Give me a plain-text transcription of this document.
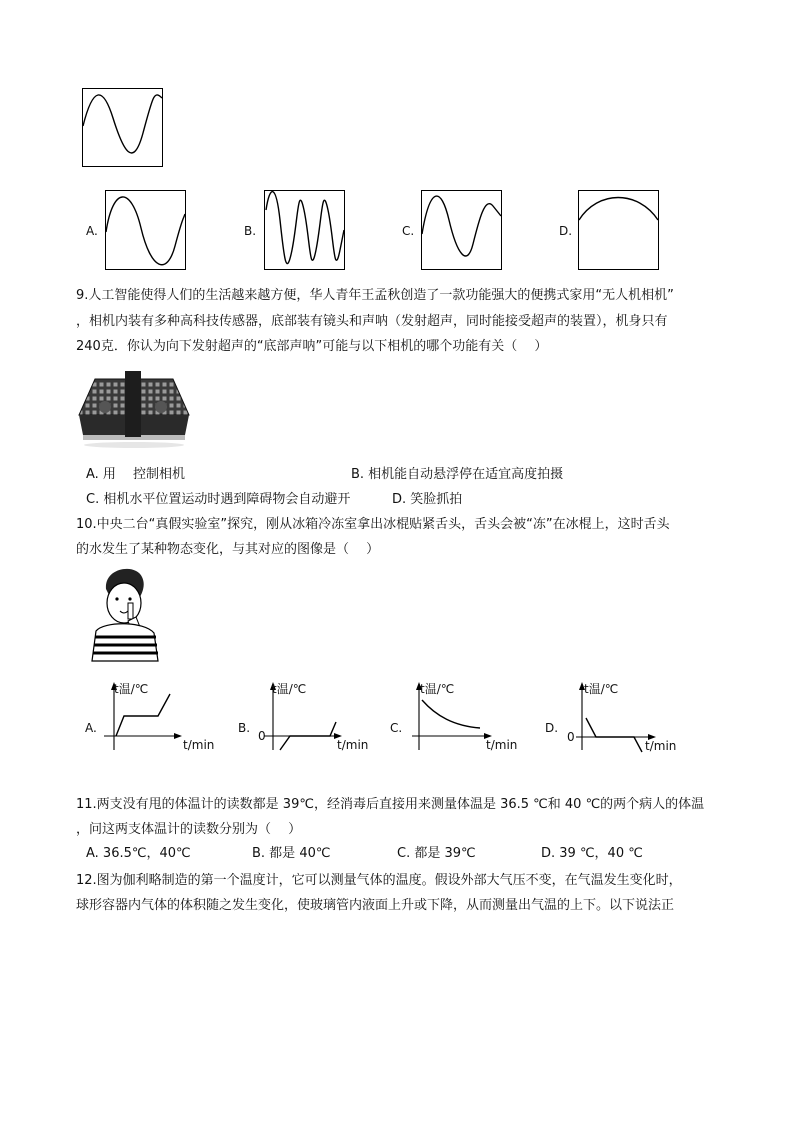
A.	B.	C.	D.
9.人工智能使得人们的生活越来越方便，华人青年王孟秋创造了一款功能强大的便携式家用“无人机相机”
，相机内装有多种高科技传感器，底部装有镜头和声呐（发射超声，同时能接受超声的装置），机身只有
240克．你认为向下发射超声的“底部声呐”可能与以下相机的哪个功能有关（　 ）
A. 用　 控制相机	B. 相机能自动悬浮停在适宜高度拍摄
C. 相机水平位置运动时遇到障碍物会自动避开	D. 笑脸抓拍
10.中央二台“真假实验室”探究，刚从冰箱冷冻室拿出冰棍贴紧舌头，舌头会被“冻”在冰棍上，这时舌头
的水发生了某种物态变化，与其对应的图像是（　 ）
A.
t温/℃
t/min
B.
0
t温/℃
t/min
C.
t温/℃
t/min
D.
0
t温/℃
t/min
11.两支没有甩的体温计的读数都是 39℃，经消毒后直接用来测量体温是 36.5 ℃和 40 ℃的两个病人的体温
，问这两支体温计的读数分别为（　 ）
A. 36.5℃，40℃	B. 都是 40℃	C. 都是 39℃	D. 39 ℃，40 ℃
12.图为伽利略制造的第一个温度计，它可以测量气体的温度。假设外部大气压不变，在气温发生变化时，
球形容器内气体的体积随之发生变化，使玻璃管内液面上升或下降，从而测量出气温的上下。以下说法正
